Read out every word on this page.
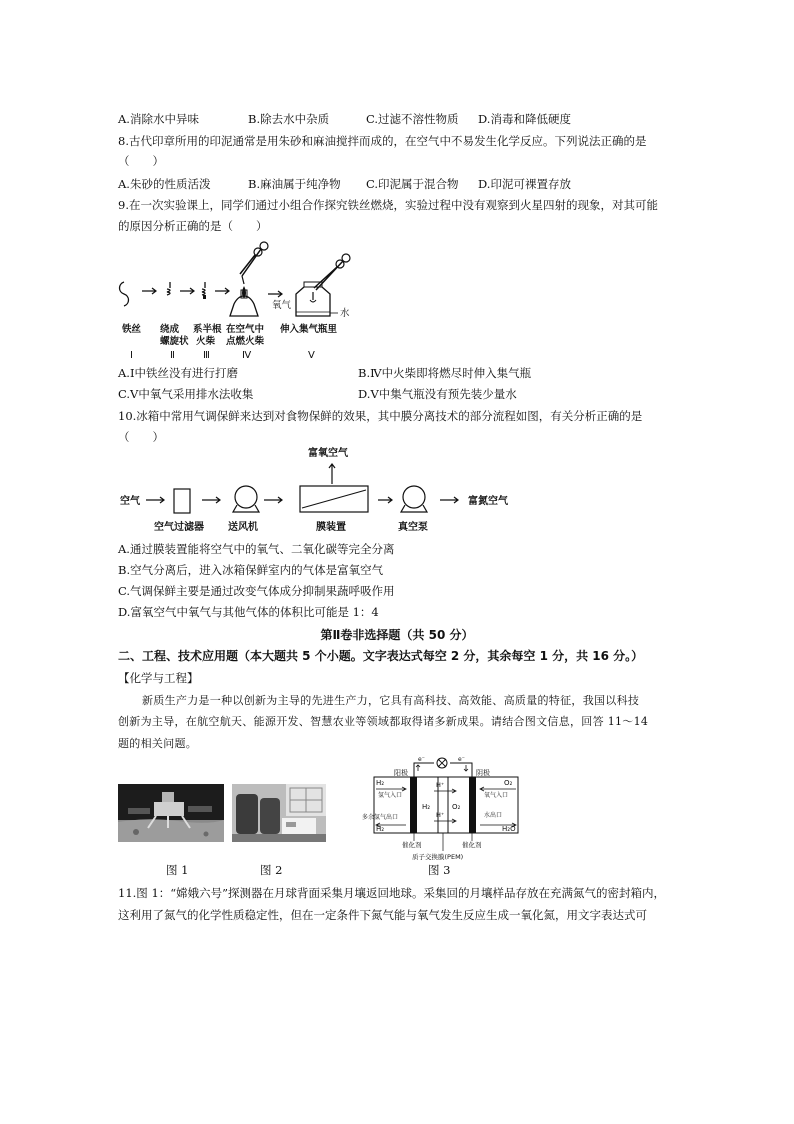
A.消除水中异味	B.除去水中杂质	C.过滤不溶性物质 D.消毒和降低硬度
8.古代印章所用的印泥通常是用朱砂和麻油搅拌而成的，在空气中不易发生化学反应。下列说法正确的是
（　　）
A.朱砂的性质活泼	B.麻油属于纯净物 C.印泥属于混合物 D.印泥可裸置存放
9.在一次实验课上，同学们通过小组合作探究铁丝燃烧，实验过程中没有观察到火星四射的现象，对其可能
的原因分析正确的是（　　）
氧气
水
铁丝 绕成
螺旋状
系半根
火柴
在空气中
点燃火柴
伸入集气瓶里
Ⅰ	Ⅱ	Ⅲ	Ⅳ	Ⅴ
A.Ⅰ中铁丝没有进行打磨	B.Ⅳ中火柴即将燃尽时伸入集气瓶
C.Ⅴ中氧气采用排水法收集	D.Ⅴ中集气瓶没有预先装少量水
10.冰箱中常用气调保鲜来达到对食物保鲜的效果，其中膜分离技术的部分流程如图，有关分析正确的是
（　　）
富氧空气
空气	富氮空气
空气过滤器 送风机	膜装置	真空泵
A.通过膜装置能将空气中的氧气、二氧化碳等完全分离
B.空气分离后，进入冰箱保鲜室内的气体是富氧空气
C.气调保鲜主要是通过改变气体成分抑制果蔬呼吸作用
D.富氧空气中氧气与其他气体的体积比可能是 1：4
第Ⅱ卷非选择题（共 50 分）
二、工程、技术应用题（本大题共 5 个小题。文字表达式每空 2 分，其余每空 1 分，共 16 分。）
【化学与工程】
新质生产力是一种以创新为主导的先进生产力，它具有高科技、高效能、高质量的特征，我国以科技
创新为主导，在航空航天、能源开发、智慧农业等领域都取得诸多新成果。请结合图文信息，回答 11～14
题的相关问题。
e⁻	e⁻
阳极	阴极
H₂	O₂
H⁺
H⁺
H₂
氢气入口
多余氢气出口
H₂
O₂
氧气入口
水出口
H₂O
催化剂	催化剂
质子交换膜(PEM)
图 1	图 2	图 3
11.图 1：“嫦娥六号”探测器在月球背面采集月壤返回地球。采集回的月壤样品存放在充满氮气的密封箱内，
这利用了氮气的化学性质稳定性，但在一定条件下氮气能与氧气发生反应生成一氧化氮，用文字表达式可
